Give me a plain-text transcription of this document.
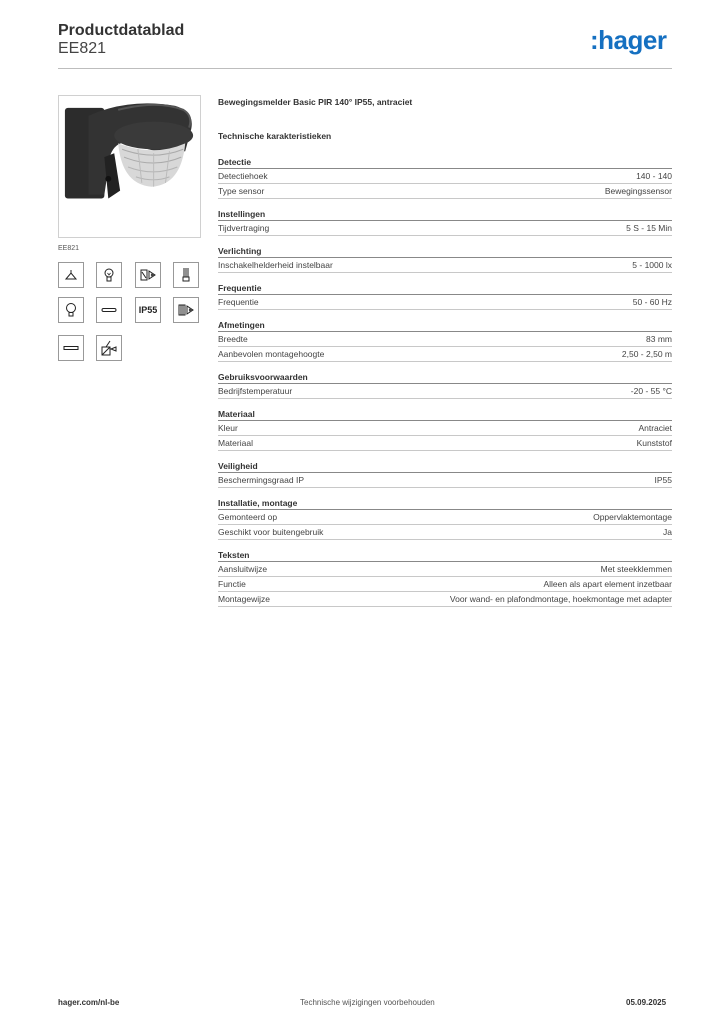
Productdatablad
EE821	:hager
EE821
IP55
Bewegingsmelder Basic PIR 140° IP55, antraciet
Technische karakteristieken
Detectie
Detectiehoek	140 - 140
Type sensor	Bewegingssensor
Instellingen
Tijdvertraging	5 S - 15 Min
Verlichting
Inschakelhelderheid instelbaar	5 - 1000 lx
Frequentie
Frequentie	50 - 60 Hz
Afmetingen
Breedte	83 mm
Aanbevolen montagehoogte	2,50 - 2,50 m
Gebruiksvoorwaarden
Bedrijfstemperatuur	-20 - 55 °C
Materiaal
Kleur	Antraciet
Materiaal	Kunststof
Veiligheid
Beschermingsgraad IP	IP55
Installatie, montage
Gemonteerd op	Oppervlaktemontage
Geschikt voor buitengebruik	Ja
Teksten
Aansluitwijze	Met steekklemmen
Functie	Alleen als apart element inzetbaar
Montagewijze	Voor wand- en plafondmontage, hoekmontage met adapter
hager.com/nl-be	Technische wijzigingen voorbehouden	05.09.2025
